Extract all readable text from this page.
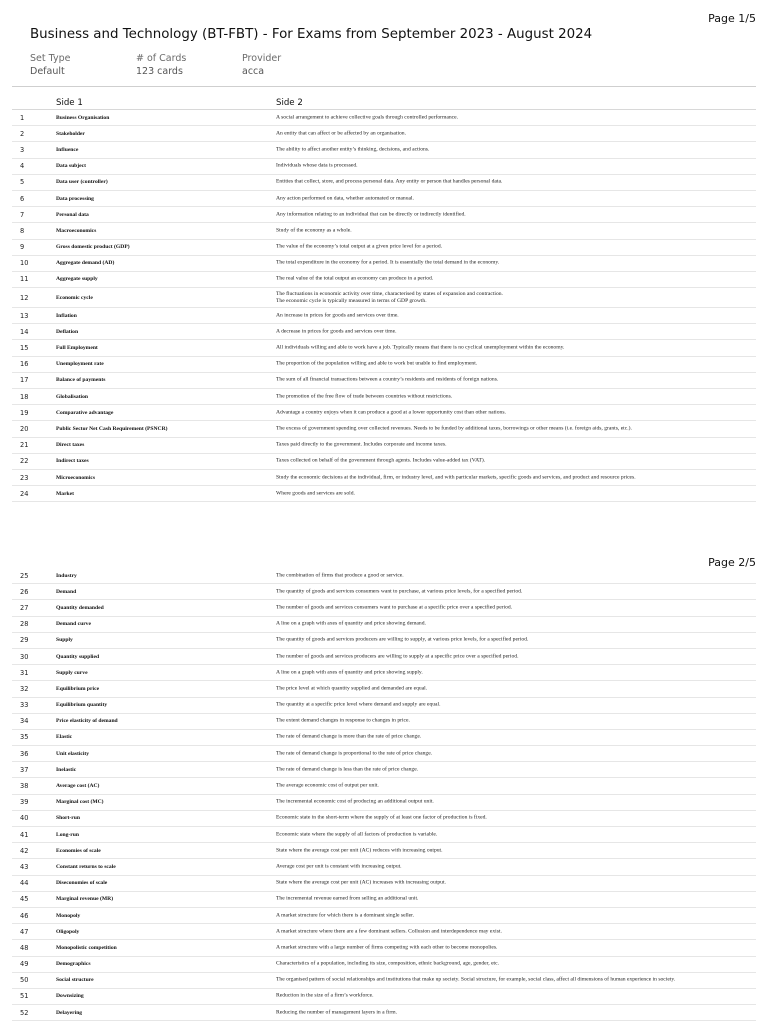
Page 1/5
Business and Technology (BT-FBT) - For Exams from September 2023 - August 2024
Set Type
Default
# of Cards
123 cards
Provider
acca
Side 1	Side 2
1	Business Organisation	A social arrangement to achieve collective goals through controlled performance.
2	Stakeholder	An entity that can affect or be affected by an organisation.
3	Influence	The ability to affect another entity’s thinking, decisions, and actions.
4	Data subject	Individuals whose data is processed.
5	Data user (controller)	Entities that collect, store, and process personal data. Any entity or person that handles personal data.
6	Data processing	Any action performed on data, whether automated or manual.
7	Personal data	Any information relating to an individual that can be directly or indirectly identified.
8	Macroeconomics	Study of the economy as a whole.
9	Gross domestic product (GDP)	The value of the economy’s total output at a given price level for a period.
10	Aggregate demand (AD)	The total expenditure in the economy for a period. It is essentially the total demand in the economy.
11	Aggregate supply	The real value of the total output an economy can produce in a period.
12	Economic cycle
The fluctuations in economic activity over time, characterised by states of expansion and contraction.
The economic cycle is typically measured in terms of GDP growth.
13	Inflation	An increase in prices for goods and services over time.
14	Deflation	A decrease in prices for goods and services over time.
15	Full Employment	All individuals willing and able to work have a job. Typically means that there is no cyclical unemployment within the economy.
16	Unemployment rate	The proportion of the population willing and able to work but unable to find employment.
17	Balance of payments	The sum of all financial transactions between a country’s residents and residents of foreign nations.
18	Globalisation	The promotion of the free flow of trade between countries without restrictions.
19	Comparative advantage	Advantage a country enjoys when it can produce a good at a lower opportunity cost than other nations.
20	Public Sector Net Cash Requirement (PSNCR)	The excess of government spending over collected revenues. Needs to be funded by additional taxes, borrowings or other means (i.e. foreign aids, grants, etc.).
21	Direct taxes	Taxes paid directly to the government. Includes corporate and income taxes.
22	Indirect taxes	Taxes collected on behalf of the government through agents. Includes value-added tax (VAT).
23	Microeconomics	Study the economic decisions at the individual, firm, or industry level, and with particular markets, specific goods and services, and product and resource prices.
24	Market	Where goods and services are sold.
Page 2/5
25	Industry	The combination of firms that produce a good or service.
26	Demand	The quantity of goods and services consumers want to purchase, at various price levels, for a specified period.
27	Quantity demanded	The number of goods and services consumers want to purchase at a specific price over a specified period.
28	Demand curve	A line on a graph with axes of quantity and price showing demand.
29	Supply	The quantity of goods and services producers are willing to supply, at various price levels, for a specified period.
30	Quantity supplied	The number of goods and services producers are willing to supply at a specific price over a specified period.
31	Supply curve	A line on a graph with axes of quantity and price showing supply.
32	Equilibrium price	The price level at which quantity supplied and demanded are equal.
33	Equilibrium quantity	The quantity at a specific price level where demand and supply are equal.
34	Price elasticity of demand	The extent demand changes in response to changes in price.
35	Elastic	The rate of demand change is more than the rate of price change.
36	Unit elasticity	The rate of demand change is proportional to the rate of price change.
37	Inelastic	The rate of demand change is less than the rate of price change.
38	Average cost (AC)	The average economic cost of output per unit.
39	Marginal cost (MC)	The incremental economic cost of producing an additional output unit.
40	Short-run	Economic state in the short-term where the supply of at least one factor of production is fixed.
41	Long-run	Economic state where the supply of all factors of production is variable.
42	Economies of scale	State where the average cost per unit (AC) reduces with increasing output.
43	Constant returns to scale	Average cost per unit is constant with increasing output.
44	Diseconomies of scale	State where the average cost per unit (AC) increases with increasing output.
45	Marginal revenue (MR)	The incremental revenue earned from selling an additional unit.
46	Monopoly	A market structure for which there is a dominant single seller.
47	Oligopoly	A market structure where there are a few dominant sellers. Collusion and interdependence may exist.
48	Monopolistic competition	A market structure with a large number of firms competing with each other to become monopolies.
49	Demographics	Characteristics of a population, including its size, composition, ethnic background, age, gender, etc.
50	Social structure	The organised pattern of social relationships and institutions that make up society. Social structure, for example, social class, affect all dimensions of human experience in society.
51	Downsizing	Reduction in the size of a firm’s workforce.
52	Delayering	Reducing the number of management layers in a firm.
